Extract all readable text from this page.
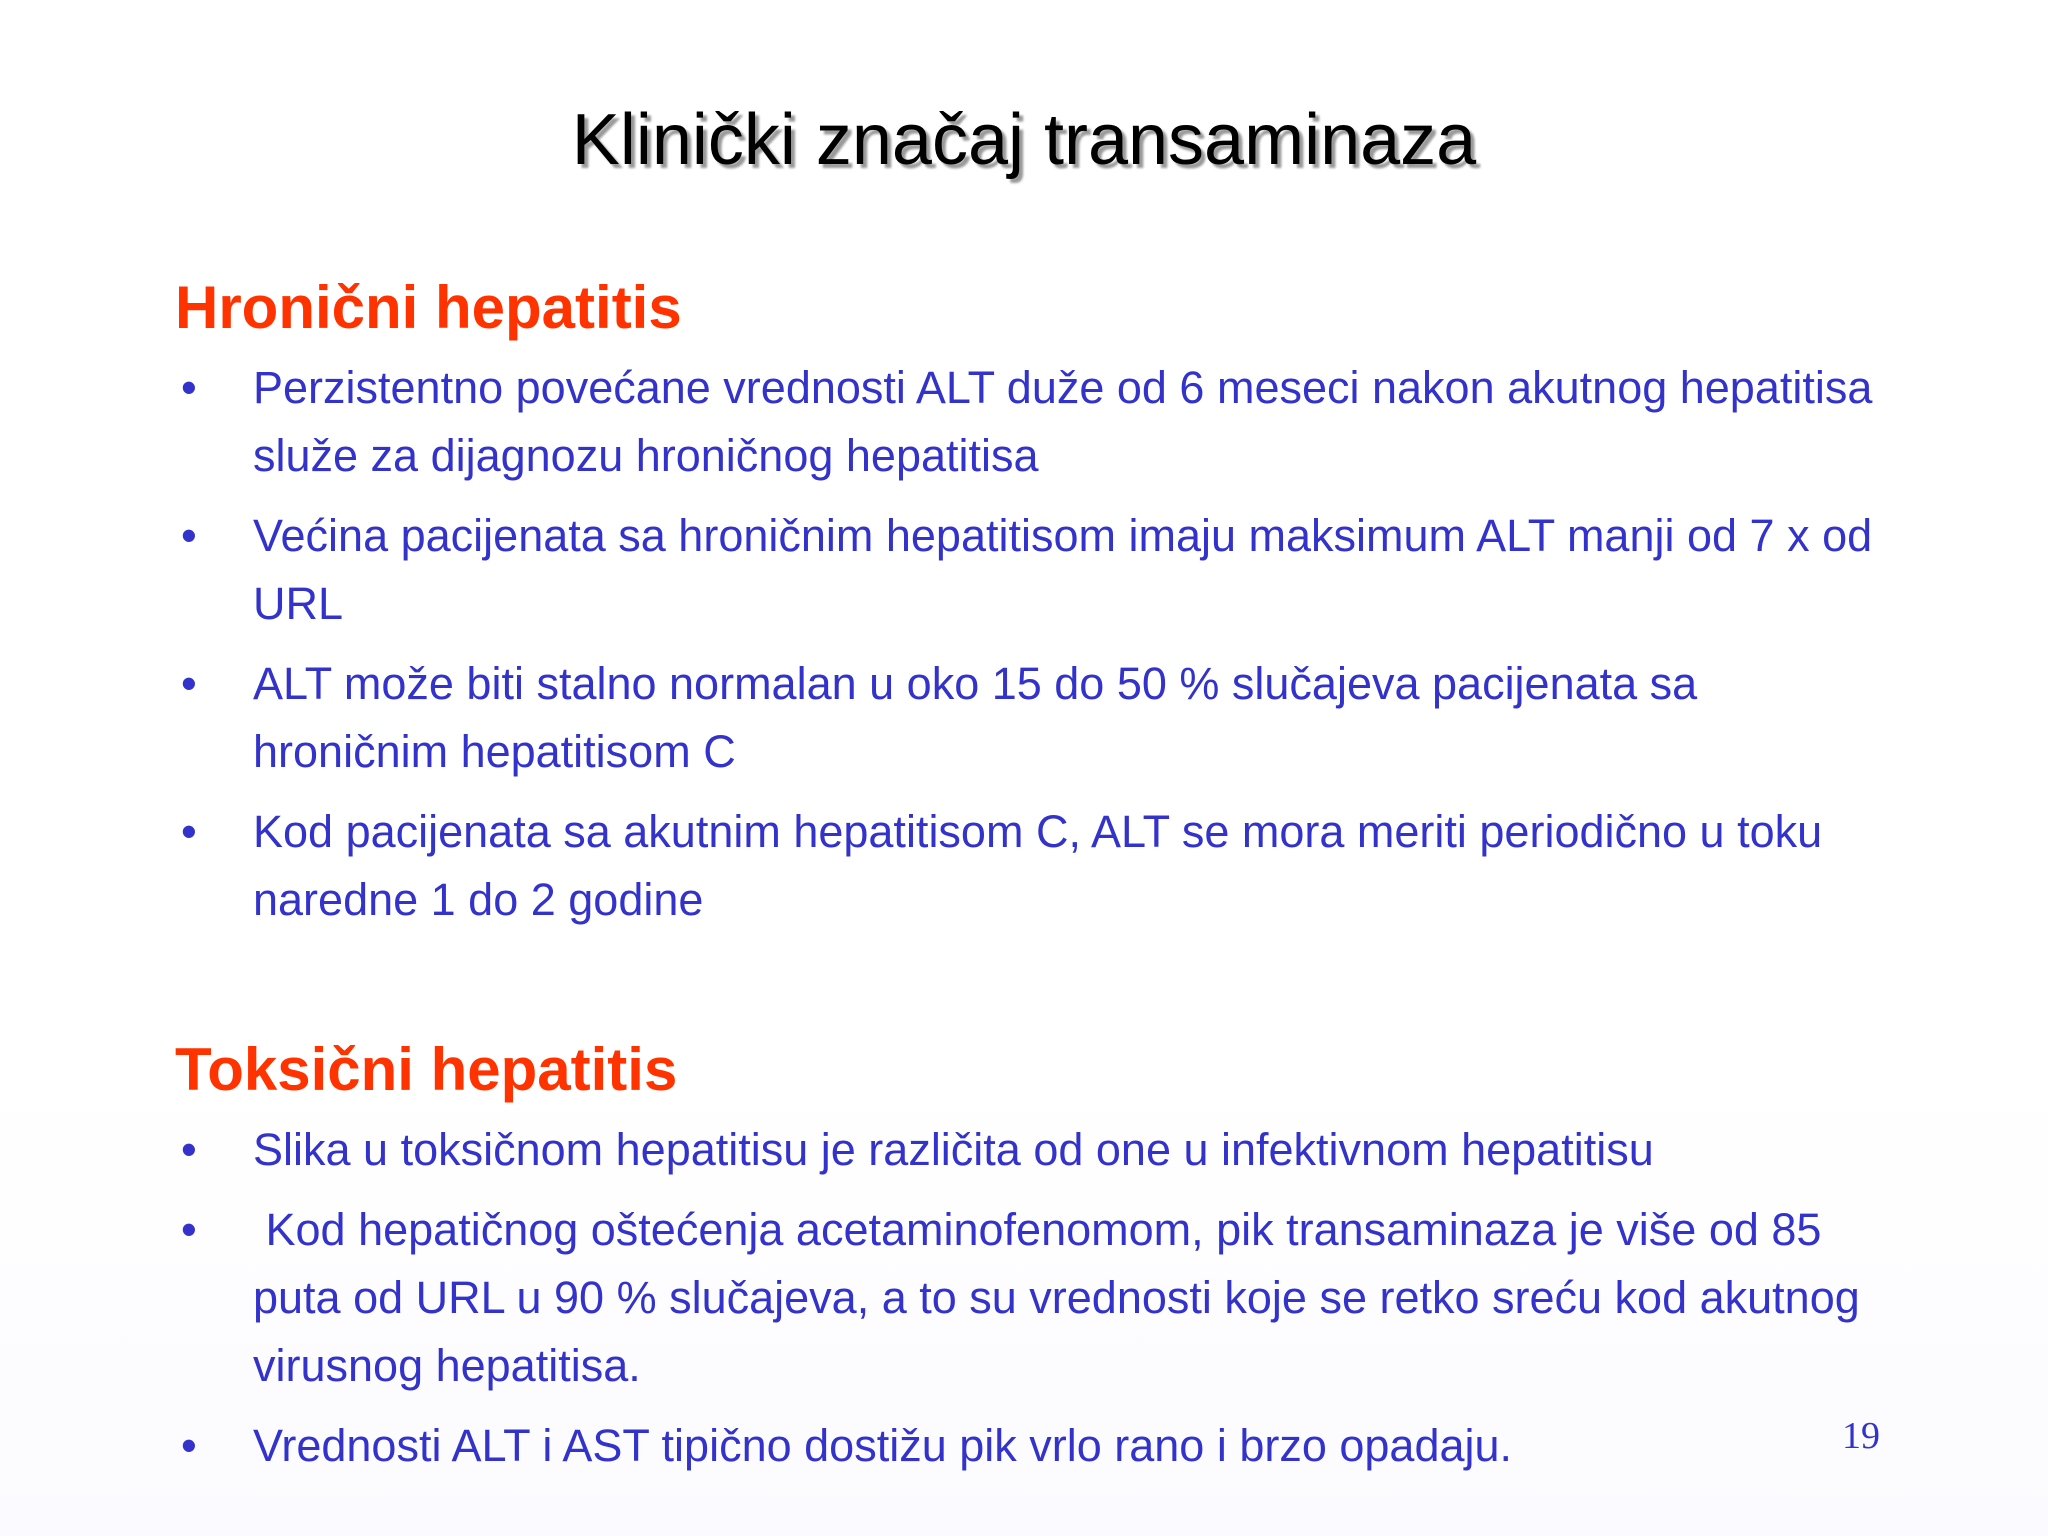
Klinički značaj transaminaza
Hronični hepatitis
• Perzistentno povećane vrednosti ALT duže od 6 meseci nakon akutnog hepatitisa služe za dijagnozu hroničnog hepatitisa
• Većina pacijenata sa hroničnim hepatitisom imaju maksimum ALT manji od 7 x od URL
• ALT može biti stalno normalan u oko 15 do 50 % slučajeva pacijenata sa hroničnim hepatitisom C
• Kod pacijenata sa akutnim hepatitisom C, ALT se mora meriti periodično u toku naredne 1 do 2 godine
Toksični hepatitis
• Slika u toksičnom hepatitisu je različita od one u infektivnom hepatitisu
• Kod hepatičnog oštećenja acetaminofenomom, pik transaminaza je više od 85 puta od URL u 90 % slučajeva, a to su vrednosti koje se retko sreću kod akutnog virusnog hepatitisa.
• Vrednosti ALT i AST tipično dostižu pik vrlo rano i brzo opadaju.	19
